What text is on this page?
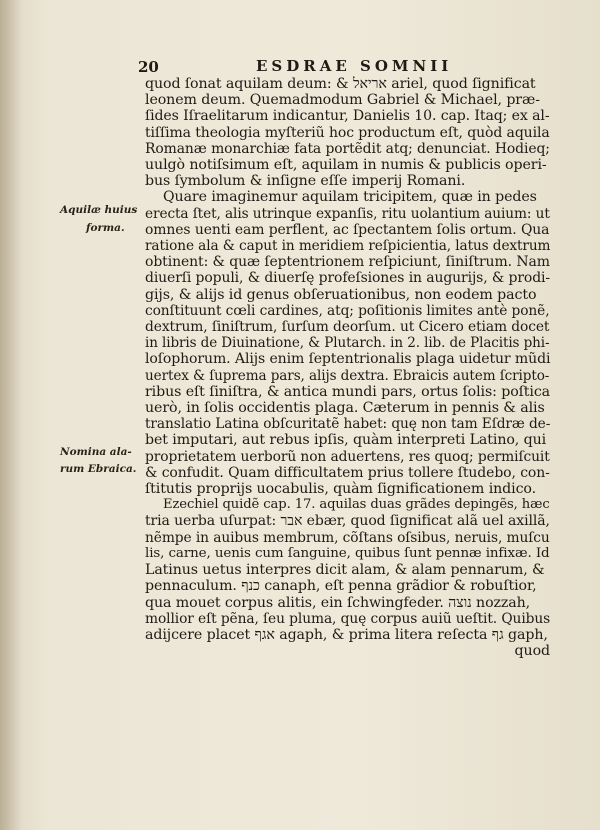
20	ESDRAE SOMNII
Aquilæ huius
forma.
Nomina ala-
rum Ebraica.
quod ſonat aquilam deum: & ‏אריאל‎ ariel, quod ſignificat
leonem deum. Quemadmodum Gabriel & Michael, præ-
ſides Iſraelitarum indicantur, Danielis 10. cap. Itaq; ex al-
tiſſima theologia myſteriũ hoc productum eſt, quòd aquila
Romanæ monarchiæ fata portẽdit atq; denunciat. Hodieq;
uulgò notiſsimum eſt, aquilam in numis & publicis operi-
bus ſymbolum & inſigne eſſe imperij Romani.
Quare imaginemur aquilam tricipitem, quæ in pedes
erecta ſtet, alis utrinque expanſis, ritu uolantium auium: ut
omnes uenti eam perflent, ac ſpectantem ſolis ortum. Qua
ratione ala & caput in meridiem reſpicientia, latus dextrum
obtinent: & quæ ſeptentrionem reſpiciunt, ſiniſtrum. Nam
diuerſi populi, & diuerſę profeſsiones in augurijs, & prodi-
gijs, & alijs id genus obſeruationibus, non eodem pacto
conſtituunt cœli cardines, atq; poſitionis limites antè ponẽ,
dextrum, ſiniſtrum, ſurſum deorſum. ut Cicero etiam docet
in libris de Diuinatione, & Plutarch. in 2. lib. de Placitis phi-
loſophorum. Alijs enim ſeptentrionalis plaga uidetur mũdi
uertex & ſuprema pars, alijs dextra. Ebraicis autem ſcripto-
ribus eſt ſiniſtra, & antica mundi pars, ortus ſolis: poſtica
uerò, in ſolis occidentis plaga. Cæterum in pennis & alis
translatio Latina obſcuritatẽ habet: quę non tam Eſdræ de-
bet imputari, aut rebus ipſis, quàm interpreti Latino, qui
proprietatem uerborũ non aduertens, res quoq; permiſcuit
& confudit. Quam difficultatem prius tollere ſtudebo, con-
ſtitutis proprijs uocabulis, quàm ſignificationem indico.
Ezechiel quidẽ cap. 17. aquilas duas grãdes depingẽs, hæc
tria uerba uſurpat: ‏אבר‎ ebær, quod ſignificat alã uel axillã,
nẽmpe in auibus membrum, cõſtans oſsibus, neruis, muſcu
lis, carne, uenis cum ſanguine, quibus ſunt pennæ infixæ. Id
Latinus uetus interpres dicit alam, & alam pennarum, &
pennaculum. ‏כנף‎ canaph, eſt penna grãdior & robuſtior,
qua mouet corpus alitis, ein ſchwingfeder. ‏נוצה‎ nozzah,
mollior eſt pẽna, ſeu pluma, quę corpus auiũ ueſtit. Quibus
adijcere placet ‏אגף‎ agaph, & prima litera reſecta ‏גף‎ gaph,
quod
